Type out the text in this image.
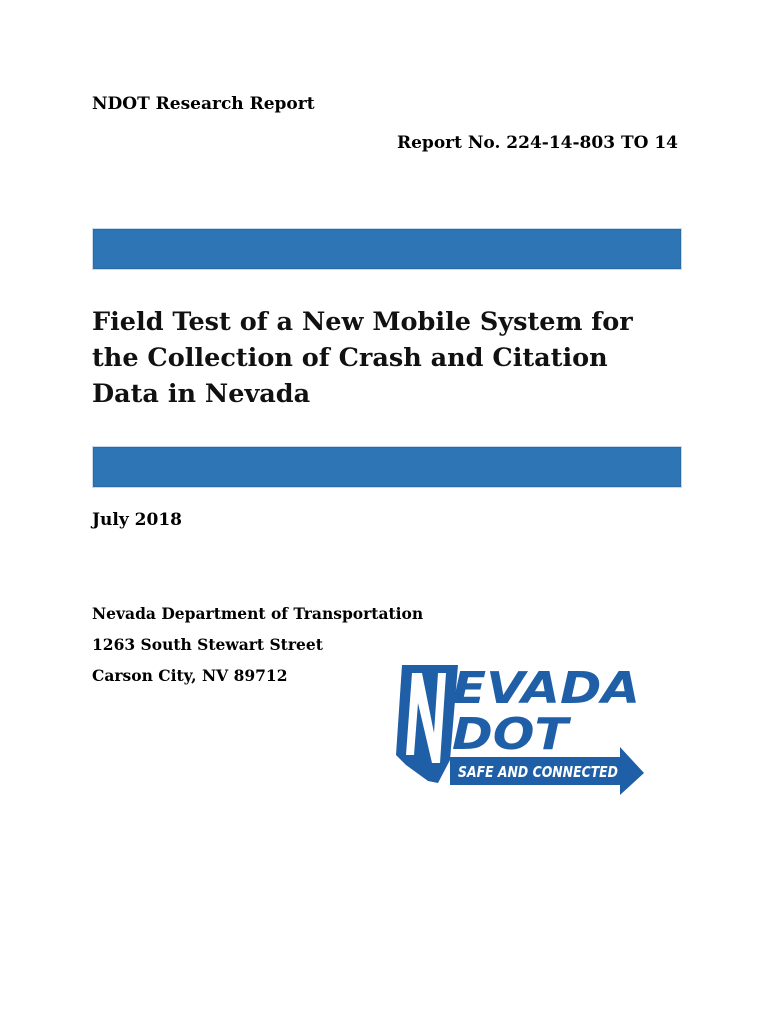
NDOT Research Report
Report No. 224-14-803 TO 14
Field Test of a New Mobile System for the Collection of Crash and Citation Data in Nevada
July 2018
Nevada Department of Transportation
1263 South Stewart Street
Carson City, NV 89712	EVADA
DOT
SAFE AND CONNECTED
